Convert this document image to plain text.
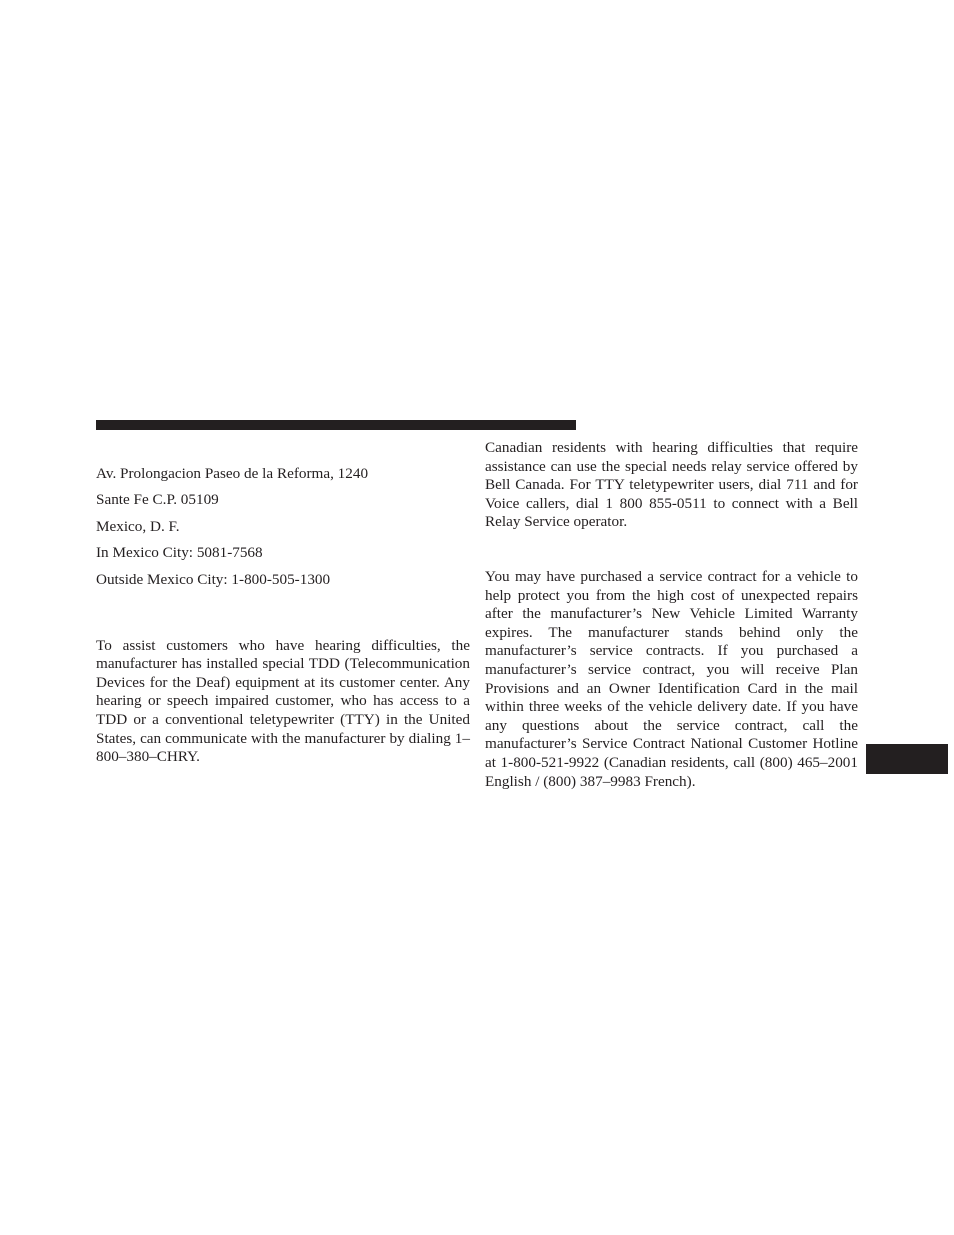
Av. Prolongacion Paseo de la Reforma, 1240

Sante Fe C.P. 05109

Mexico, D. F.

In Mexico City: 5081-7568

Outside Mexico City: 1-800-505-1300

To assist customers who have hearing difficulties, the manufacturer has installed special TDD (Telecommunication Devices for the Deaf) equipment at its customer center. Any hearing or speech impaired customer, who has access to a TDD or a conventional teletypewriter (TTY) in the United States, can communicate with the manufacturer by dialing 1–800–380–CHRY.

Canadian residents with hearing difficulties that require assistance can use the special needs relay service offered by Bell Canada. For TTY teletypewriter users, dial 711 and for Voice callers, dial 1 800 855-0511 to connect with a Bell Relay Service operator.

You may have purchased a service contract for a vehicle to help protect you from the high cost of unexpected repairs after the manufacturer’s New Vehicle Limited Warranty expires. The manufacturer stands behind only the manufacturer’s service contracts. If you purchased a manufacturer’s service contract, you will receive Plan Provisions and an Owner Identification Card in the mail within three weeks of the vehicle delivery date. If you have any questions about the service contract, call the manufacturer’s Service Contract National Customer Hotline at 1-800-521-9922 (Canadian residents, call (800) 465–2001 English / (800) 387–9983 French).
